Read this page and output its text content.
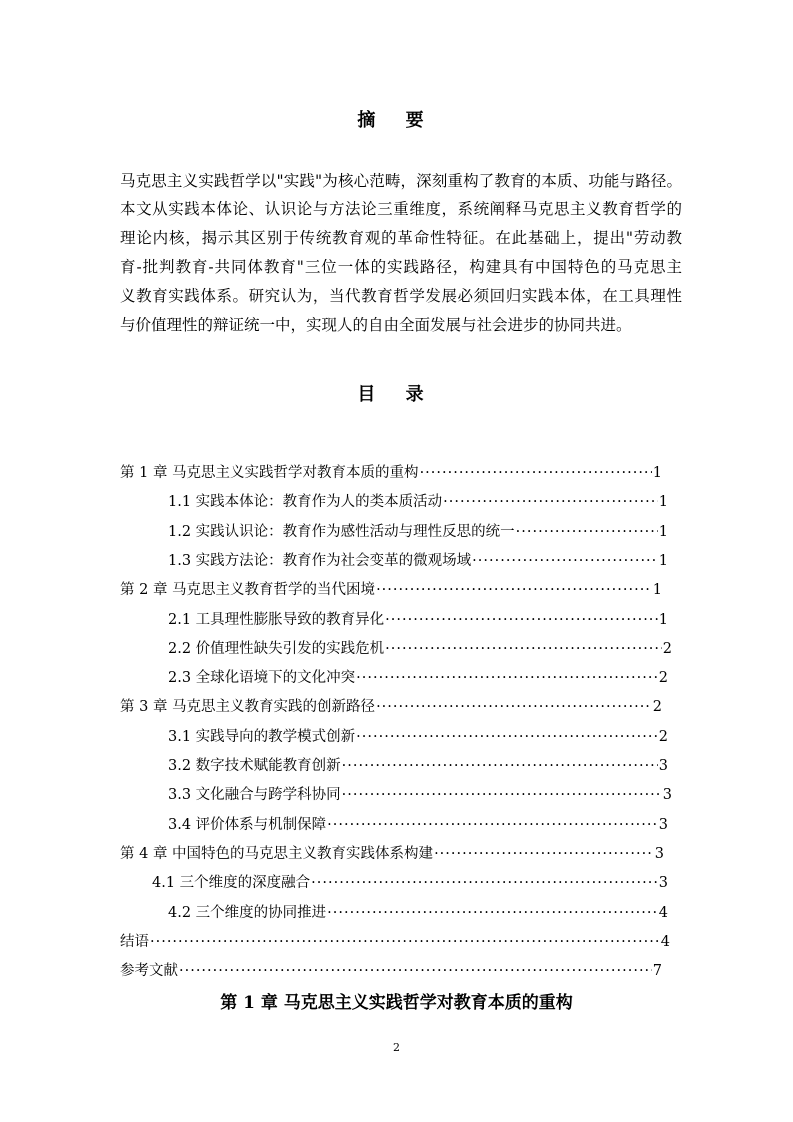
摘 要
马克思主义实践哲学以"实践"为核心范畴，深刻重构了教育的本质、功能与路径。
本文从实践本体论、认识论与方法论三重维度，系统阐释马克思主义教育哲学的
理论内核，揭示其区别于传统教育观的革命性特征。在此基础上，提出"劳动教
育-批判教育-共同体教育"三位一体的实践路径，构建具有中国特色的马克思主
义教育实践体系。研究认为，当代教育哲学发展必须回归实践本体，在工具理性
与价值理性的辩证统一中，实现人的自由全面发展与社会进步的协同共进。
目 录
第 1 章 马克思主义实践哲学对教育本质的重构 ·····	1
1.1 实践本体论：教育作为人的类本质活动 ·····	1
1.2 实践认识论：教育作为感性活动与理性反思的统一 ·····	1
1.3 实践方法论：教育作为社会变革的微观场域 ·····	1
第 2 章 马克思主义教育哲学的当代困境 ·····	1
2.1 工具理性膨胀导致的教育异化 ·····	1
2.2 价值理性缺失引发的实践危机 ·····	2
2.3 全球化语境下的文化冲突 ·····	2
第 3 章 马克思主义教育实践的创新路径 ·····	2
3.1 实践导向的教学模式创新 ·····	2
3.2 数字技术赋能教育创新 ·····	3
3.3 文化融合与跨学科协同 ·····	3
3.4 评价体系与机制保障 ·····	3
第 4 章 中国特色的马克思主义教育实践体系构建 ·····	3
4.1 三个维度的深度融合 ·····	3
4.2 三个维度的协同推进 ·····	4
结语 ·····	4
参考文献 ·····	7
第 1 章 马克思主义实践哲学对教育本质的重构
2
